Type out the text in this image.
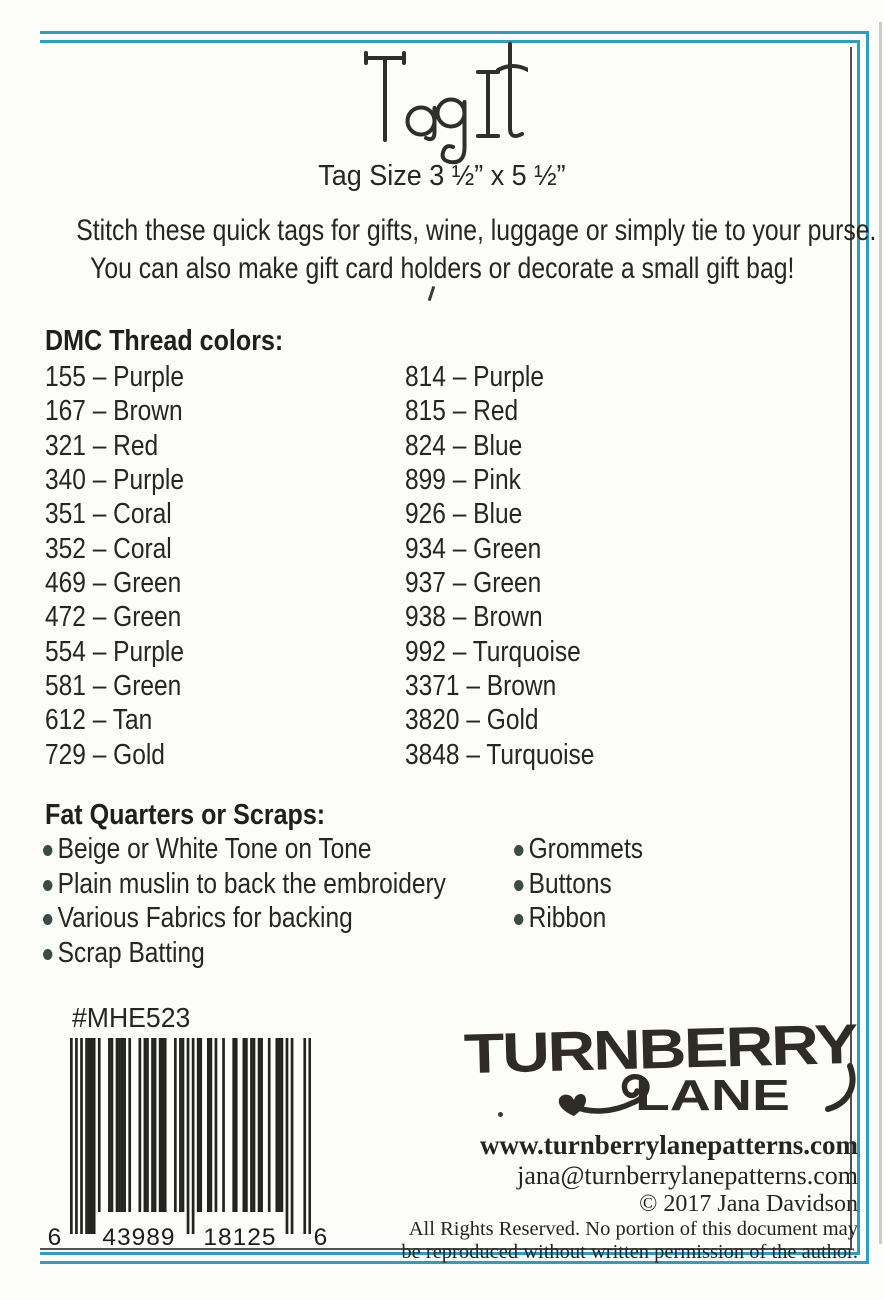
Tag Size 3 ½” x 5 ½”
Stitch these quick tags for gifts, wine, luggage or simply tie to your purse.
You can also make gift card holders or decorate a small gift bag!
DMC Thread colors:
155 – Purple
167 – Brown
321 – Red
340 – Purple
351 – Coral
352 – Coral
469 – Green
472 – Green
554 – Purple
581 – Green
612 – Tan
729 – Gold
814 – Purple
815 – Red
824 – Blue
899 – Pink
926 – Blue
934 – Green
937 – Green
938 – Brown
992 – Turquoise
3371 – Brown
3820 – Gold
3848 – Turquoise
Fat Quarters or Scraps:
Beige or White Tone on Tone
Plain muslin to back the embroidery
Various Fabrics for backing
Scrap Batting
Grommets
Buttons
Ribbon
#MHE523
6	43989	18125	6
TURNBERRY
LANE
www.turnberrylanepatterns.com
jana@turnberrylanepatterns.com
© 2017 Jana Davidson
All Rights Reserved. No portion of this document may
be reproduced without written permission of the author.
